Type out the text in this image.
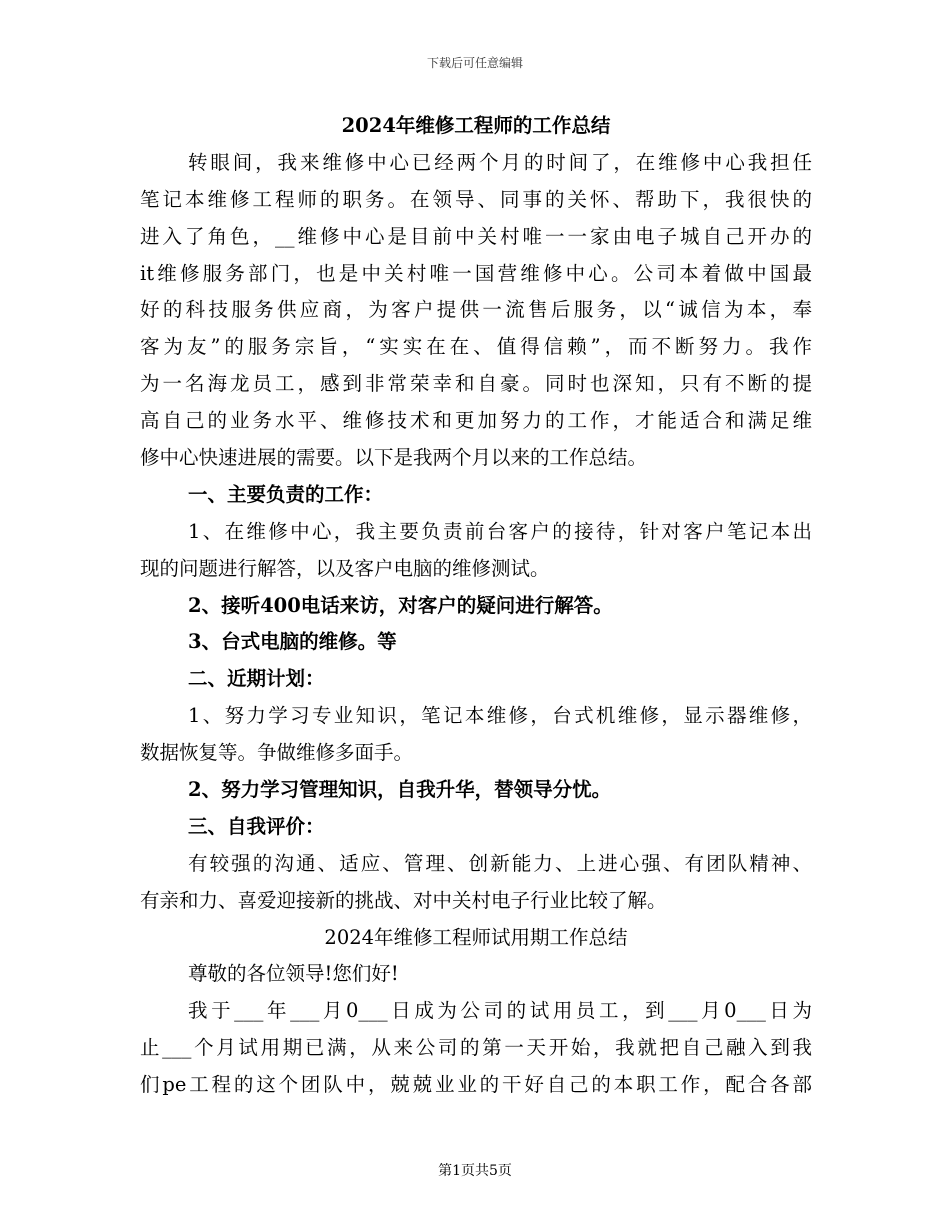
下载后可任意编辑
2024年维修工程师的工作总结
转眼间，我来维修中心已经两个月的时间了，在维修中心我担任
笔记本维修工程师的职务。在领导、同事的关怀、帮助下，我很快的
进入了角色，__维修中心是目前中关村唯一一家由电子城自己开办的
it维修服务部门，也是中关村唯一国营维修中心。公司本着做中国最
好的科技服务供应商，为客户提供一流售后服务，以“诚信为本，奉
客为友”的服务宗旨，“实实在在、值得信赖”，而不断努力。我作
为一名海龙员工，感到非常荣幸和自豪。同时也深知，只有不断的提
高自己的业务水平、维修技术和更加努力的工作，才能适合和满足维
修中心快速进展的需要。以下是我两个月以来的工作总结。
一、主要负责的工作：
1、在维修中心，我主要负责前台客户的接待，针对客户笔记本出
现的问题进行解答，以及客户电脑的维修测试。
2、接听400电话来访，对客户的疑问进行解答。
3、台式电脑的维修。等
二、近期计划：
1、努力学习专业知识，笔记本维修，台式机维修，显示器维修，
数据恢复等。争做维修多面手。
2、努力学习管理知识，自我升华，替领导分忧。
三、自我评价：
有较强的沟通、适应、管理、创新能力、上进心强、有团队精神、
有亲和力、喜爱迎接新的挑战、对中关村电子行业比较了解。
2024年维修工程师试用期工作总结
尊敬的各位领导!您们好!
我于___年___月0___日成为公司的试用员工，到___月0___日为
止___个月试用期已满，从来公司的第一天开始，我就把自己融入到我
们pe工程的这个团队中，兢兢业业的干好自己的本职工作，配合各部
第1页共5页
